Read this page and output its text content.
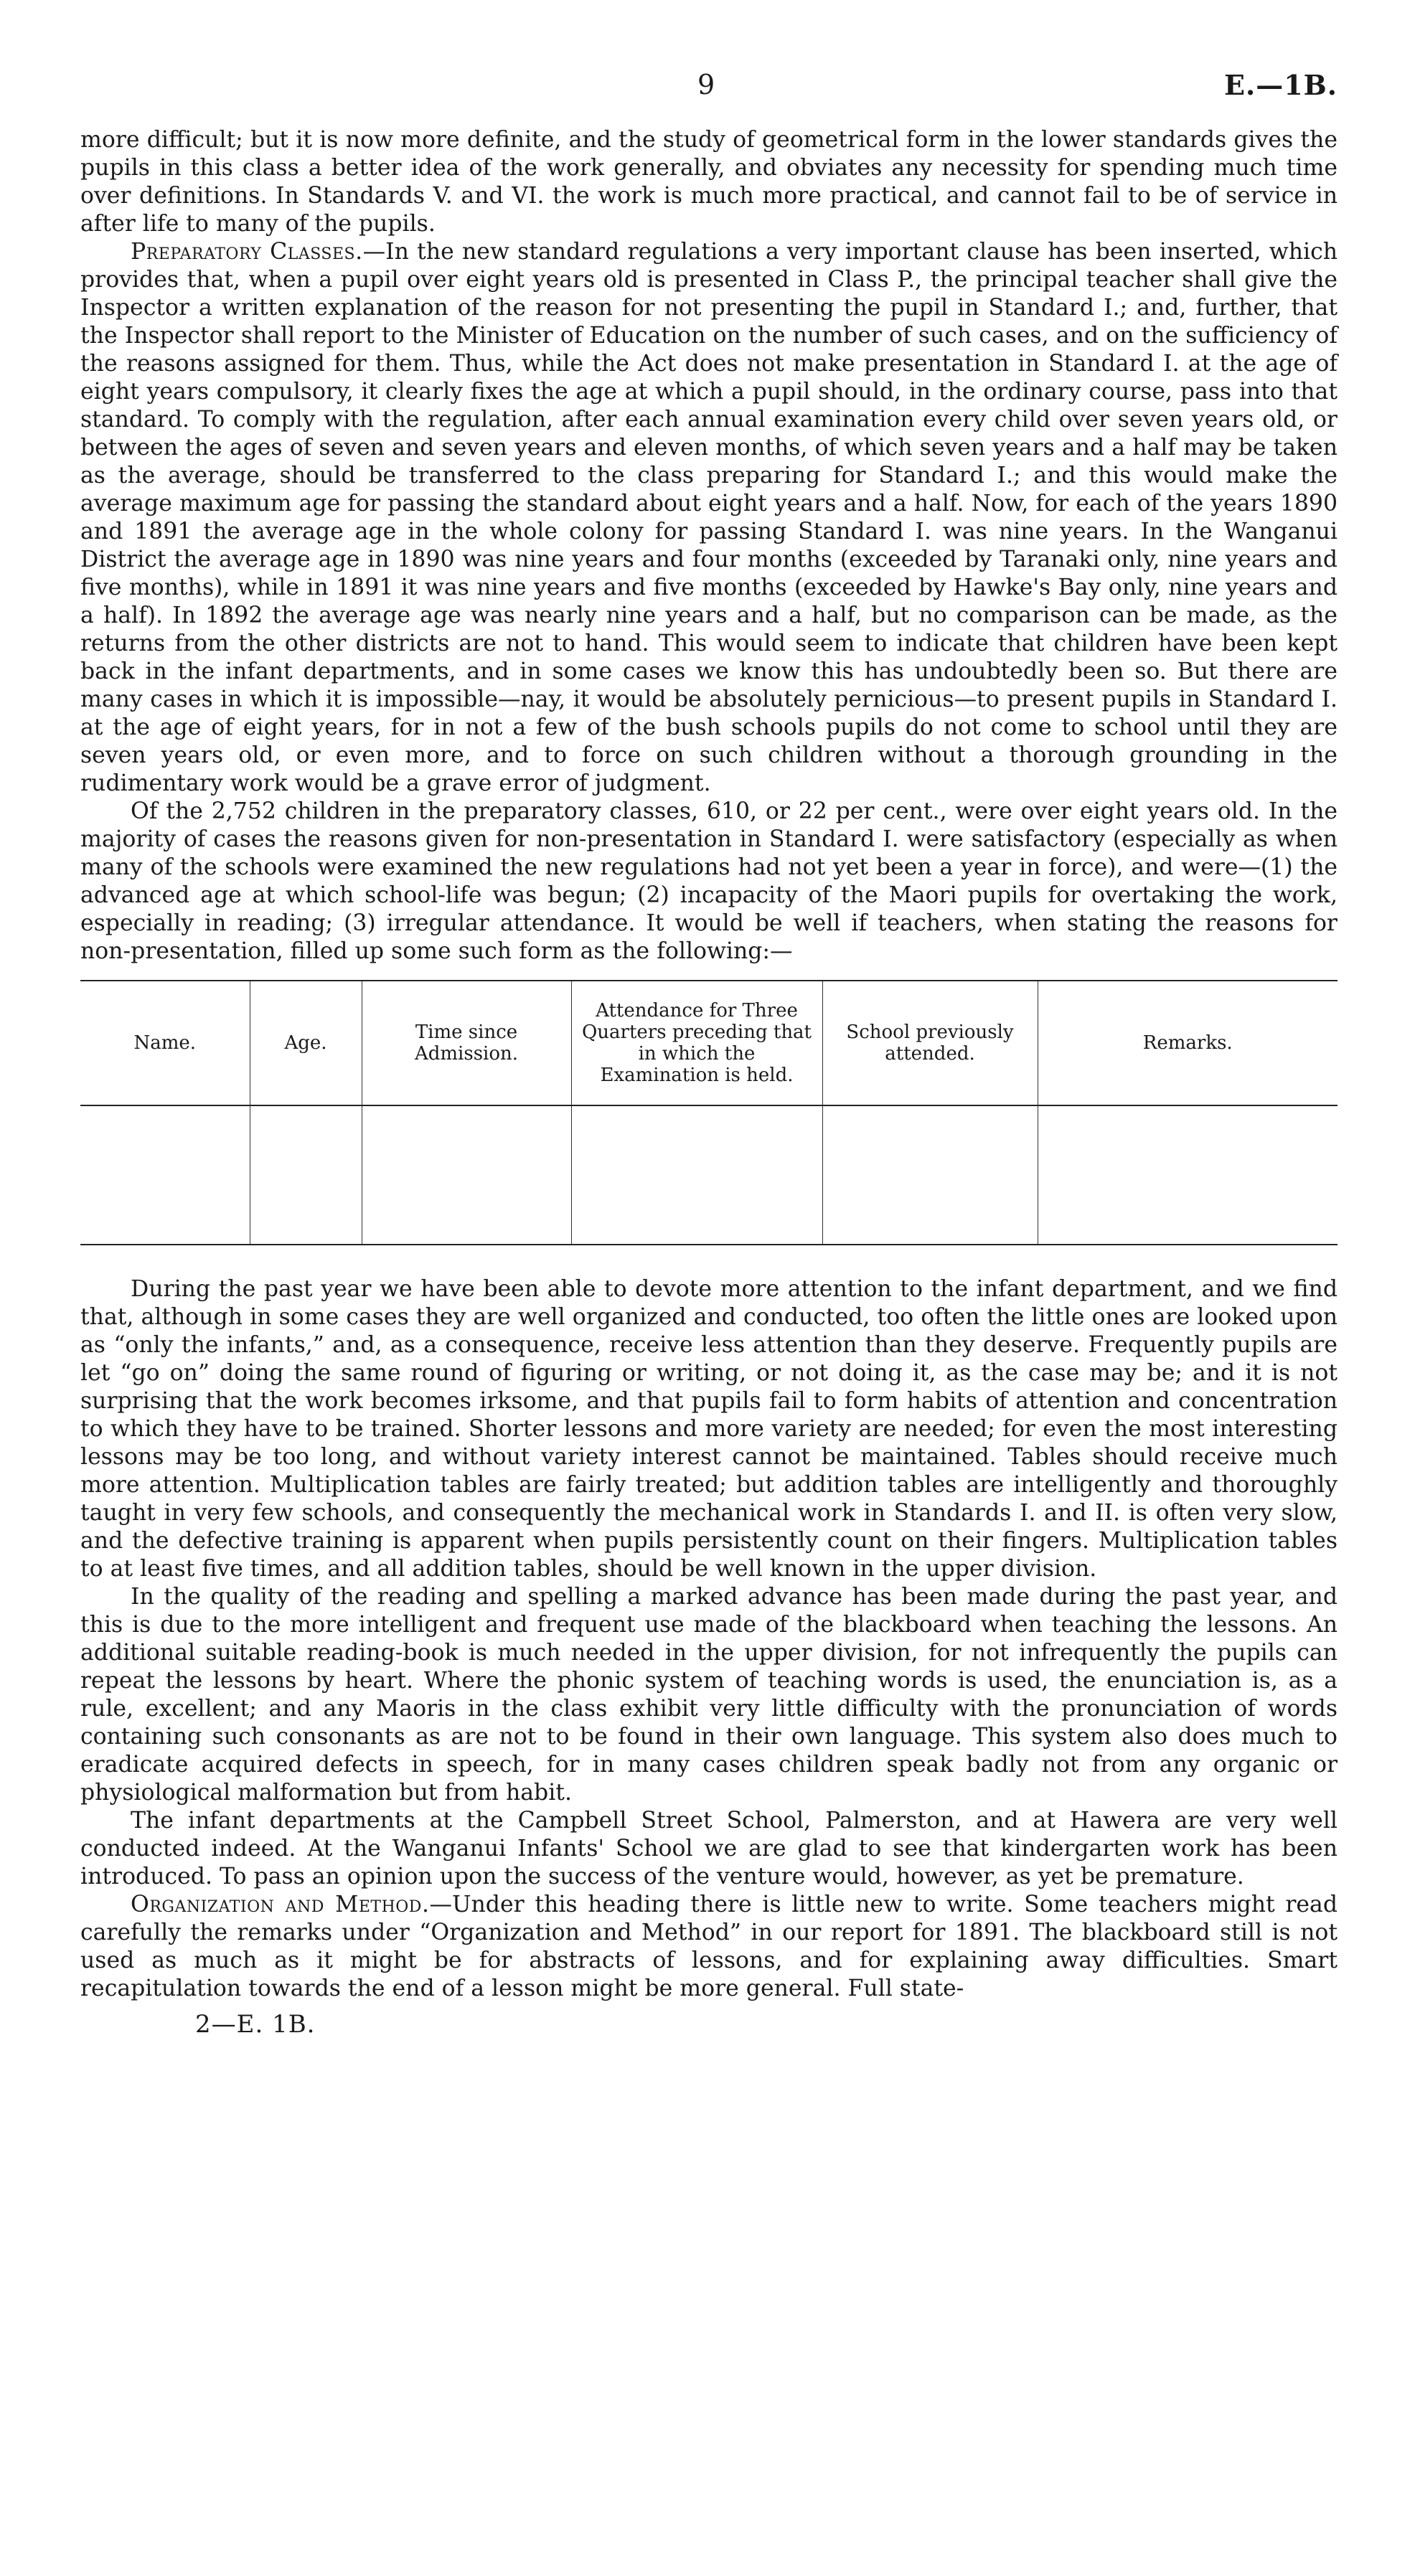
9	E.—1B.

more difficult; but it is now more definite, and the study of geometrical form in the lower standards gives the pupils in this class a better idea of the work generally, and obviates any necessity for spending much time over definitions. In Standards V. and VI. the work is much more practical, and cannot fail to be of service in after life to many of the pupils.

Preparatory Classes.—In the new standard regulations a very important clause has been inserted, which provides that, when a pupil over eight years old is presented in Class P., the principal teacher shall give the Inspector a written explanation of the reason for not presenting the pupil in Standard I.; and, further, that the Inspector shall report to the Minister of Education on the number of such cases, and on the sufficiency of the reasons assigned for them. Thus, while the Act does not make presentation in Standard I. at the age of eight years compulsory, it clearly fixes the age at which a pupil should, in the ordinary course, pass into that standard. To comply with the regulation, after each annual examination every child over seven years old, or between the ages of seven and seven years and eleven months, of which seven years and a half may be taken as the average, should be transferred to the class preparing for Standard I.; and this would make the average maximum age for passing the standard about eight years and a half. Now, for each of the years 1890 and 1891 the average age in the whole colony for passing Standard I. was nine years. In the Wanganui District the average age in 1890 was nine years and four months (exceeded by Taranaki only, nine years and five months), while in 1891 it was nine years and five months (exceeded by Hawke's Bay only, nine years and a half). In 1892 the average age was nearly nine years and a half, but no comparison can be made, as the returns from the other districts are not to hand. This would seem to indicate that children have been kept back in the infant departments, and in some cases we know this has undoubtedly been so. But there are many cases in which it is impossible—nay, it would be absolutely pernicious—to present pupils in Standard I. at the age of eight years, for in not a few of the bush schools pupils do not come to school until they are seven years old, or even more, and to force on such children without a thorough grounding in the rudimentary work would be a grave error of judgment.

Of the 2,752 children in the preparatory classes, 610, or 22 per cent., were over eight years old. In the majority of cases the reasons given for non-presentation in Standard I. were satisfactory (especially as when many of the schools were examined the new regulations had not yet been a year in force), and were—(1) the advanced age at which school-life was begun; (2) incapacity of the Maori pupils for overtaking the work, especially in reading; (3) irregular attendance. It would be well if teachers, when stating the reasons for non-presentation, filled up some such form as the following:—

Name.	Age.	Time since Admission.	Attendance for Three Quarters preceding that in which the Examination is held.	School previously attended.	Remarks.

During the past year we have been able to devote more attention to the infant department, and we find that, although in some cases they are well organized and conducted, too often the little ones are looked upon as “only the infants,” and, as a consequence, receive less attention than they deserve. Frequently pupils are let “go on” doing the same round of figuring or writing, or not doing it, as the case may be; and it is not surprising that the work becomes irksome, and that pupils fail to form habits of attention and concentration to which they have to be trained. Shorter lessons and more variety are needed; for even the most interesting lessons may be too long, and without variety interest cannot be maintained. Tables should receive much more attention. Multiplication tables are fairly treated; but addition tables are intelligently and thoroughly taught in very few schools, and consequently the mechanical work in Standards I. and II. is often very slow, and the defective training is apparent when pupils persistently count on their fingers. Multiplication tables to at least five times, and all addition tables, should be well known in the upper division.

In the quality of the reading and spelling a marked advance has been made during the past year, and this is due to the more intelligent and frequent use made of the blackboard when teaching the lessons. An additional suitable reading-book is much needed in the upper division, for not infrequently the pupils can repeat the lessons by heart. Where the phonic system of teaching words is used, the enunciation is, as a rule, excellent; and any Maoris in the class exhibit very little difficulty with the pronunciation of words containing such consonants as are not to be found in their own language. This system also does much to eradicate acquired defects in speech, for in many cases children speak badly not from any organic or physiological malformation but from habit.

The infant departments at the Campbell Street School, Palmerston, and at Hawera are very well conducted indeed. At the Wanganui Infants' School we are glad to see that kindergarten work has been introduced. To pass an opinion upon the success of the venture would, however, as yet be premature.

Organization and Method.—Under this heading there is little new to write. Some teachers might read carefully the remarks under “Organization and Method” in our report for 1891. The blackboard still is not used as much as it might be for abstracts of lessons, and for explaining away difficulties. Smart recapitulation towards the end of a lesson might be more general. Full state-

2—E. 1B.
